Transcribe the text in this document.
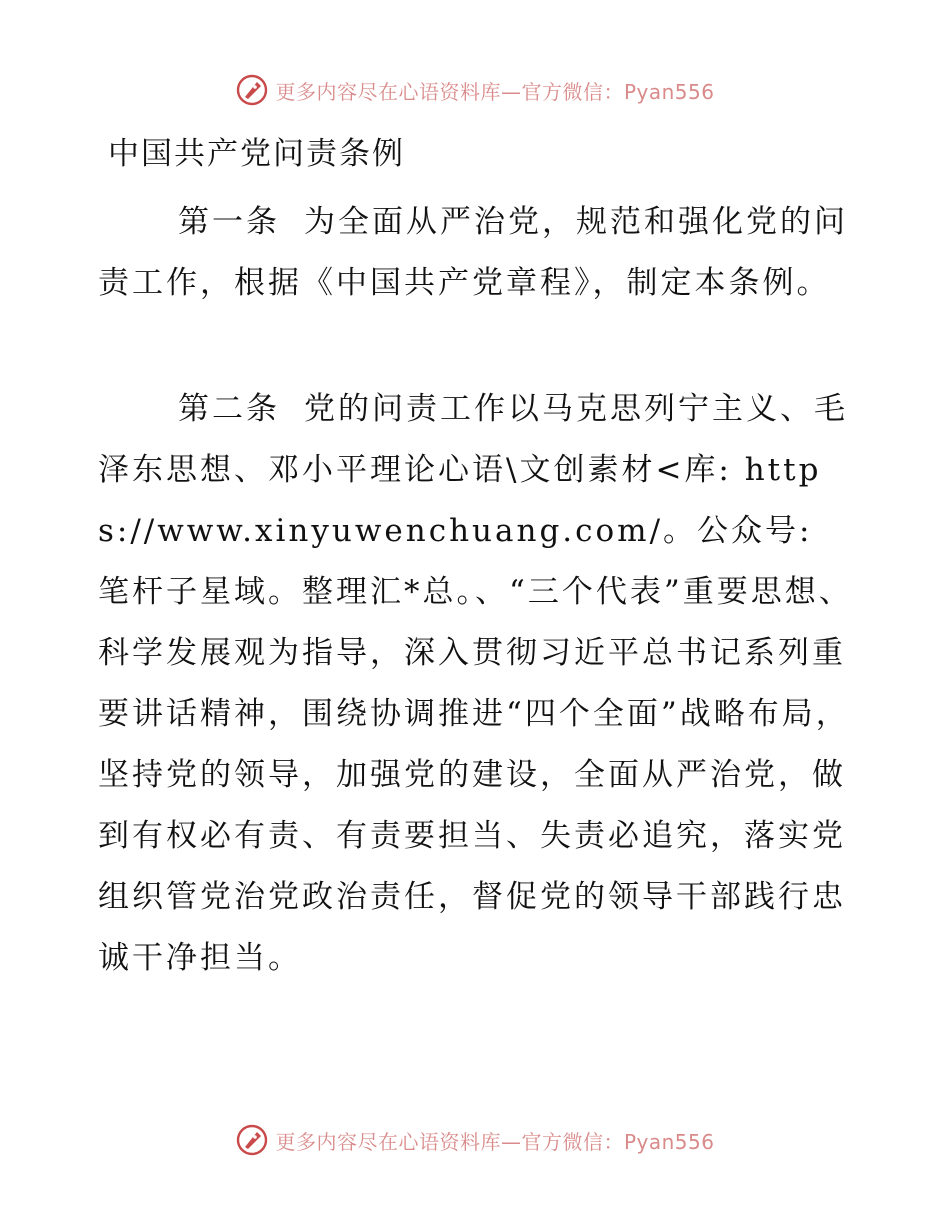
更多内容尽在心语资料库—官方微信：Pyan556
中国共产党问责条例

第一条 为全面从严治党，规范和强化党的问责工作，根据《中国共产党章程》，制定本条例。

第二条 党的问责工作以马克思列宁主义、毛泽东思想、邓小平理论心语\文创素材<库: https://www.xinyuwenchuang.com/。公众号: 笔杆子星域。整理汇*总。、“三个代表”重要思想、科学发展观为指导，深入贯彻习近平总书记系列重要讲话精神，围绕协调推进“四个全面”战略布局，坚持党的领导，加强党的建设，全面从严治党，做到有权必有责、有责要担当、失责必追究，落实党组织管党治党政治责任，督促党的领导干部践行忠诚干净担当。

更多内容尽在心语资料库—官方微信：Pyan556
